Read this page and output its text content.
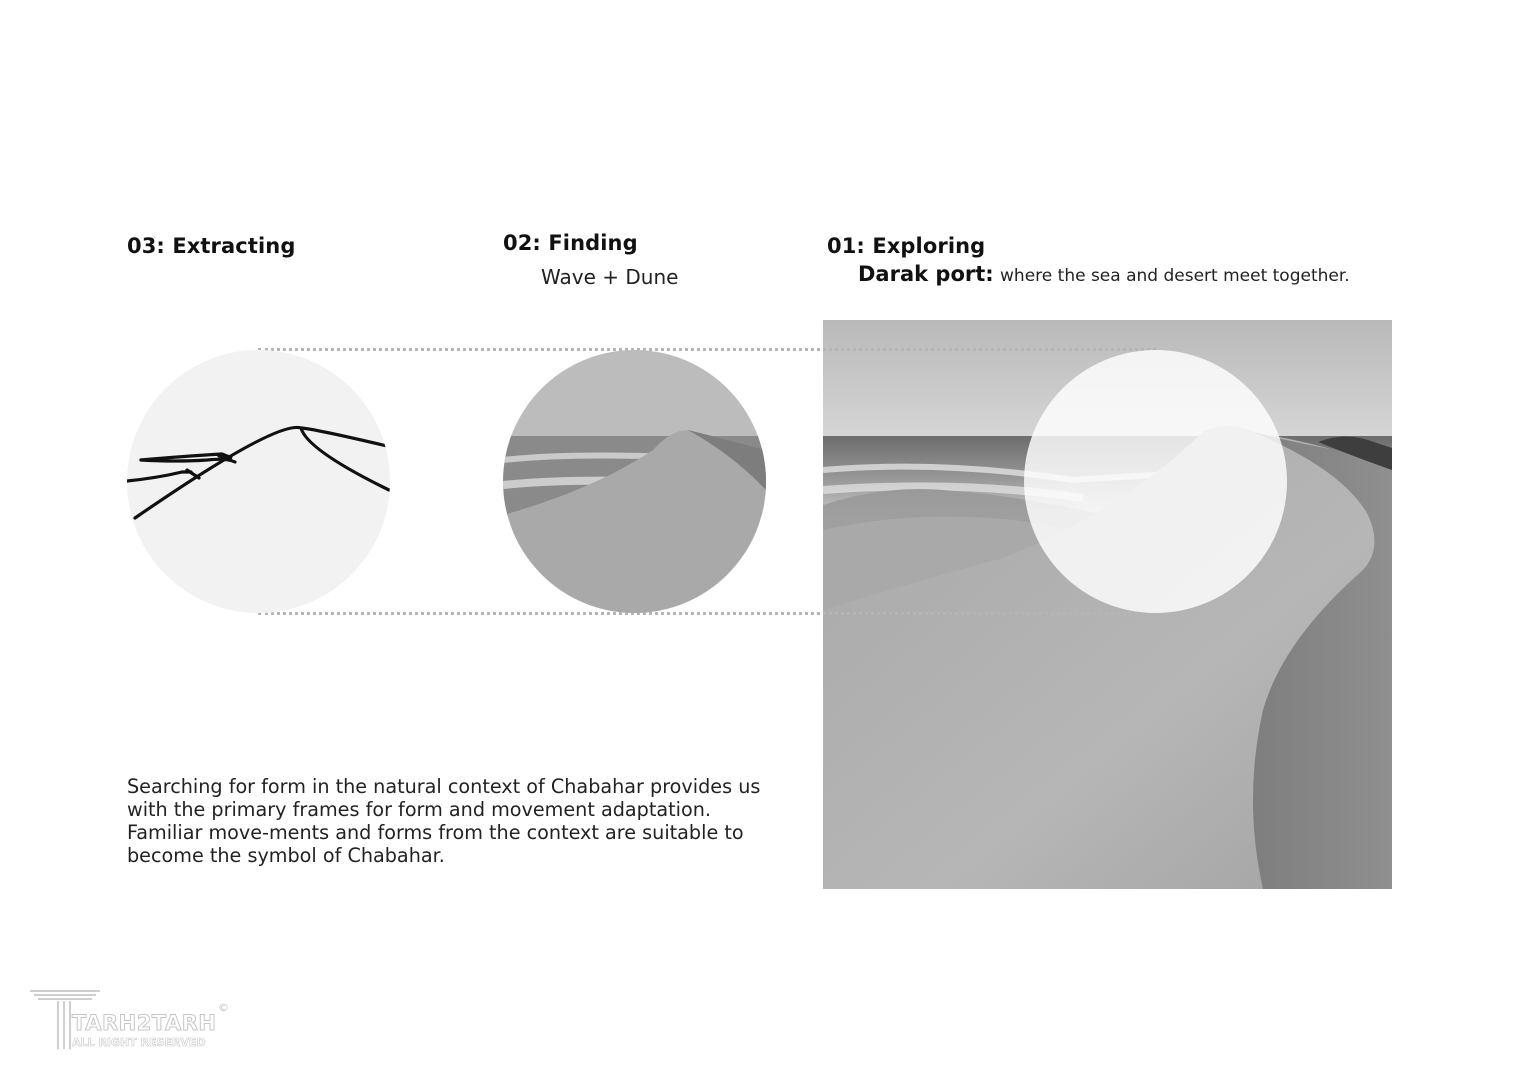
03: Extracting	02: Finding
Wave + Dune
01: Exploring
Darak port: where the sea and desert meet together.

Searching for form in the natural context of Chabahar provides us with the primary frames for form and movement adaptation. Familiar move-ments and forms from the context are suitable to become the symbol of Chabahar.

TARH2TARH
©
ALL RIGHT RESERVED
